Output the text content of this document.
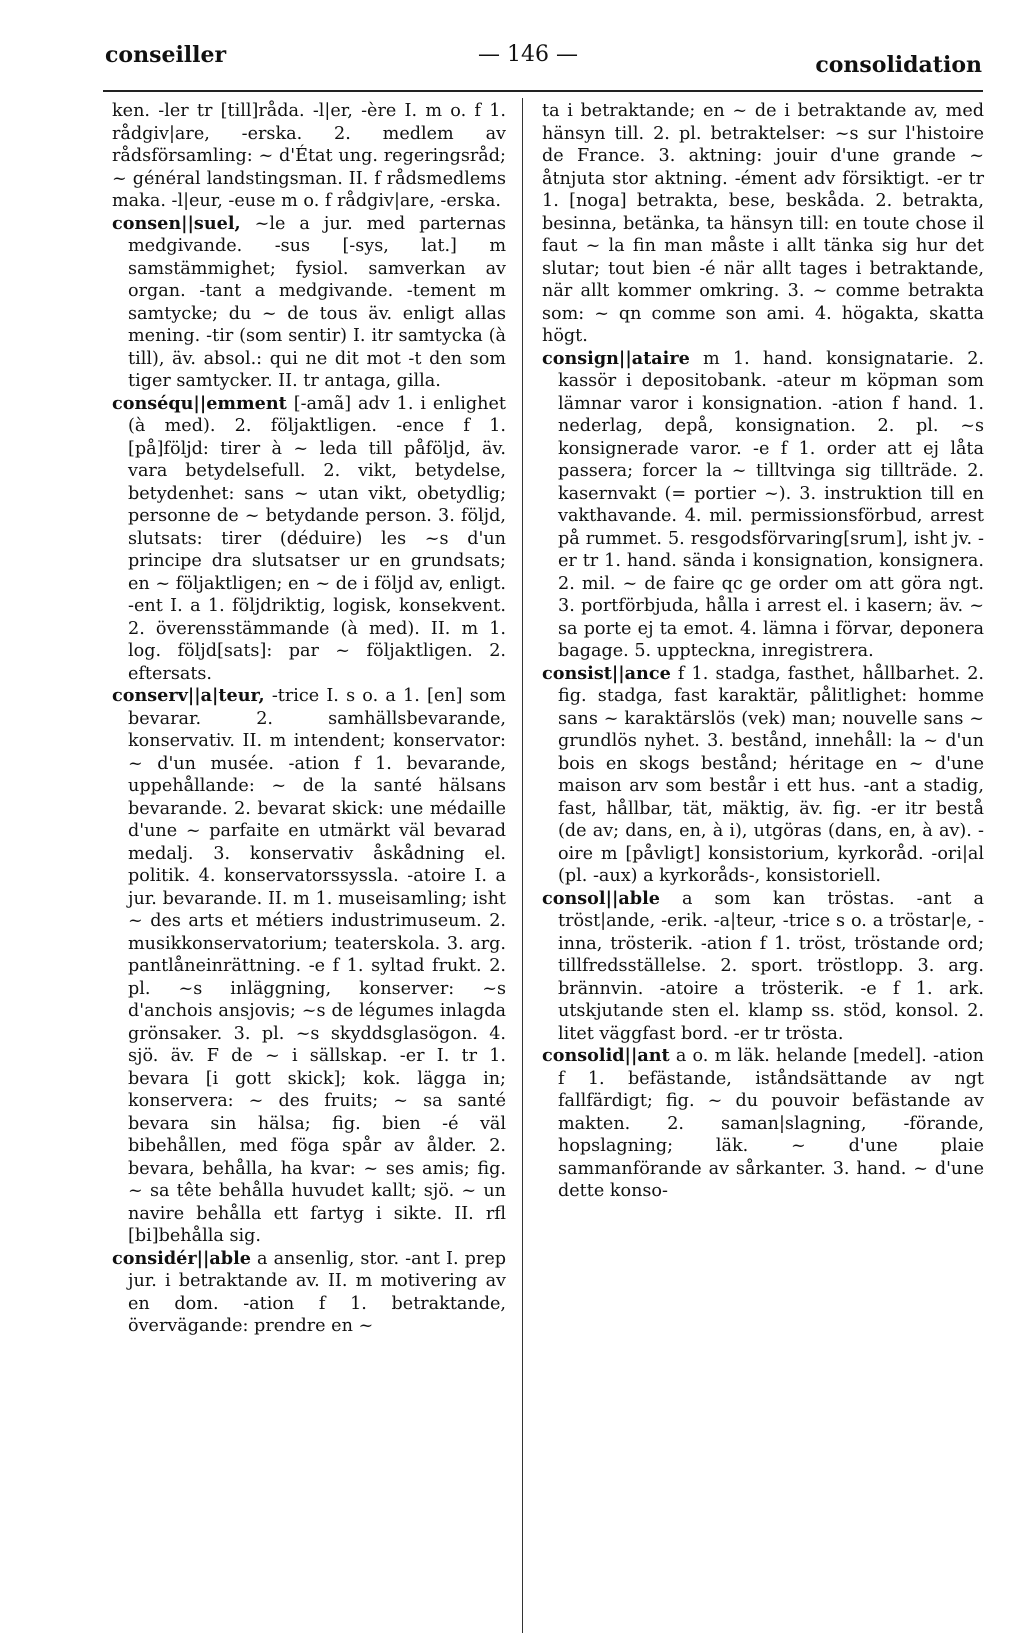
conseiller	— 146 —	consolidation

ken. -ler tr [till]råda. -l|er, -ère I. m o. f 1. rådgiv|are, -erska. 2. medlem av rådsförsamling: ~ d'État ung. regeringsråd; ~ général landstingsman. II. f rådsmedlems maka. -l|eur, -euse m o. f rådgiv|are, -erska.

consen||suel, ~le a jur. med parternas medgivande. -sus [-sys, lat.] m samstämmighet; fysiol. samverkan av organ. -tant a medgivande. -tement m samtycke; du ~ de tous äv. enligt allas mening. -tir (som sentir) I. itr samtycka (à till), äv. absol.: qui ne dit mot -t den som tiger samtycker. II. tr antaga, gilla.

conséqu||emment [-amã] adv 1. i enlighet (à med). 2. följaktligen. -ence f 1. [på]följd: tirer à ~ leda till påföljd, äv. vara betydelsefull. 2. vikt, betydelse, betydenhet: sans ~ utan vikt, obetydlig; personne de ~ betydande person. 3. följd, slutsats: tirer (déduire) les ~s d'un principe dra slutsatser ur en grundsats; en ~ följaktligen; en ~ de i följd av, enligt. -ent I. a 1. följdriktig, logisk, konsekvent. 2. överensstämmande (à med). II. m 1. log. följd[sats]: par ~ följaktligen. 2. eftersats.

conserv||a|teur, -trice I. s o. a 1. [en] som bevarar. 2. samhällsbevarande, konservativ. II. m intendent; konservator: ~ d'un musée. -ation f 1. bevarande, uppehållande: ~ de la santé hälsans bevarande. 2. bevarat skick: une médaille d'une ~ parfaite en utmärkt väl bevarad medalj. 3. konservativ åskådning el. politik. 4. konservatorssyssla. -atoire I. a jur. bevarande. II. m 1. museisamling; isht ~ des arts et métiers industrimuseum. 2. musikkonservatorium; teaterskola. 3. arg. pantlåneinrättning. -e f 1. syltad frukt. 2. pl. ~s inläggning, konserver: ~s d'anchois ansjovis; ~s de légumes inlagda grönsaker. 3. pl. ~s skyddsglasögon. 4. sjö. äv. F de ~ i sällskap. -er I. tr 1. bevara [i gott skick]; kok. lägga in; konservera: ~ des fruits; ~ sa santé bevara sin hälsa; fig. bien -é väl bibehållen, med föga spår av ålder. 2. bevara, behålla, ha kvar: ~ ses amis; fig. ~ sa tête behålla huvudet kallt; sjö. ~ un navire behålla ett fartyg i sikte. II. rfl [bi]behålla sig.

considér||able a ansenlig, stor. -ant I. prep jur. i betraktande av. II. m motivering av en dom. -ation f 1. betraktande, övervägande: prendre en ~

ta i betraktande; en ~ de i betraktande av, med hänsyn till. 2. pl. betraktelser: ~s sur l'histoire de France. 3. aktning: jouir d'une grande ~ åtnjuta stor aktning. -ément adv försiktigt. -er tr 1. [noga] betrakta, bese, beskåda. 2. betrakta, besinna, betänka, ta hänsyn till: en toute chose il faut ~ la fin man måste i allt tänka sig hur det slutar; tout bien -é när allt tages i betraktande, när allt kommer omkring. 3. ~ comme betrakta som: ~ qn comme son ami. 4. högakta, skatta högt.

consign||ataire m 1. hand. konsignatarie. 2. kassör i depositobank. -ateur m köpman som lämnar varor i konsignation. -ation f hand. 1. nederlag, depå, konsignation. 2. pl. ~s konsignerade varor. -e f 1. order att ej låta passera; forcer la ~ tilltvinga sig tillträde. 2. kasernvakt (= portier ~). 3. instruktion till en vakthavande. 4. mil. permissionsförbud, arrest på rummet. 5. resgodsförvaring[srum], isht jv. -er tr 1. hand. sända i konsignation, konsignera. 2. mil. ~ de faire qc ge order om att göra ngt. 3. portförbjuda, hålla i arrest el. i kasern; äv. ~ sa porte ej ta emot. 4. lämna i förvar, deponera bagage. 5. uppteckna, inregistrera.

consist||ance f 1. stadga, fasthet, hållbarhet. 2. fig. stadga, fast karaktär, pålitlighet: homme sans ~ karaktärslös (vek) man; nouvelle sans ~ grundlös nyhet. 3. bestånd, innehåll: la ~ d'un bois en skogs bestånd; héritage en ~ d'une maison arv som består i ett hus. -ant a stadig, fast, hållbar, tät, mäktig, äv. fig. -er itr bestå (de av; dans, en, à i), utgöras (dans, en, à av). -oire m [påvligt] konsistorium, kyrkoråd. -ori|al (pl. -aux) a kyrkoråds-, konsistoriell.

consol||able a som kan tröstas. -ant a tröst|ande, -erik. -a|teur, -trice s o. a tröstar|e, -inna, trösterik. -ation f 1. tröst, tröstande ord; tillfredsställelse. 2. sport. tröstlopp. 3. arg. brännvin. -atoire a trösterik. -e f 1. ark. utskjutande sten el. klamp ss. stöd, konsol. 2. litet väggfast bord. -er tr trösta.

consolid||ant a o. m läk. helande [medel]. -ation f 1. befästande, iståndsättande av ngt fallfärdigt; fig. ~ du pouvoir befästande av makten. 2. saman|slagning, -förande, hopslagning; läk. ~ d'une plaie sammanförande av sårkanter. 3. hand. ~ d'une dette konso-
